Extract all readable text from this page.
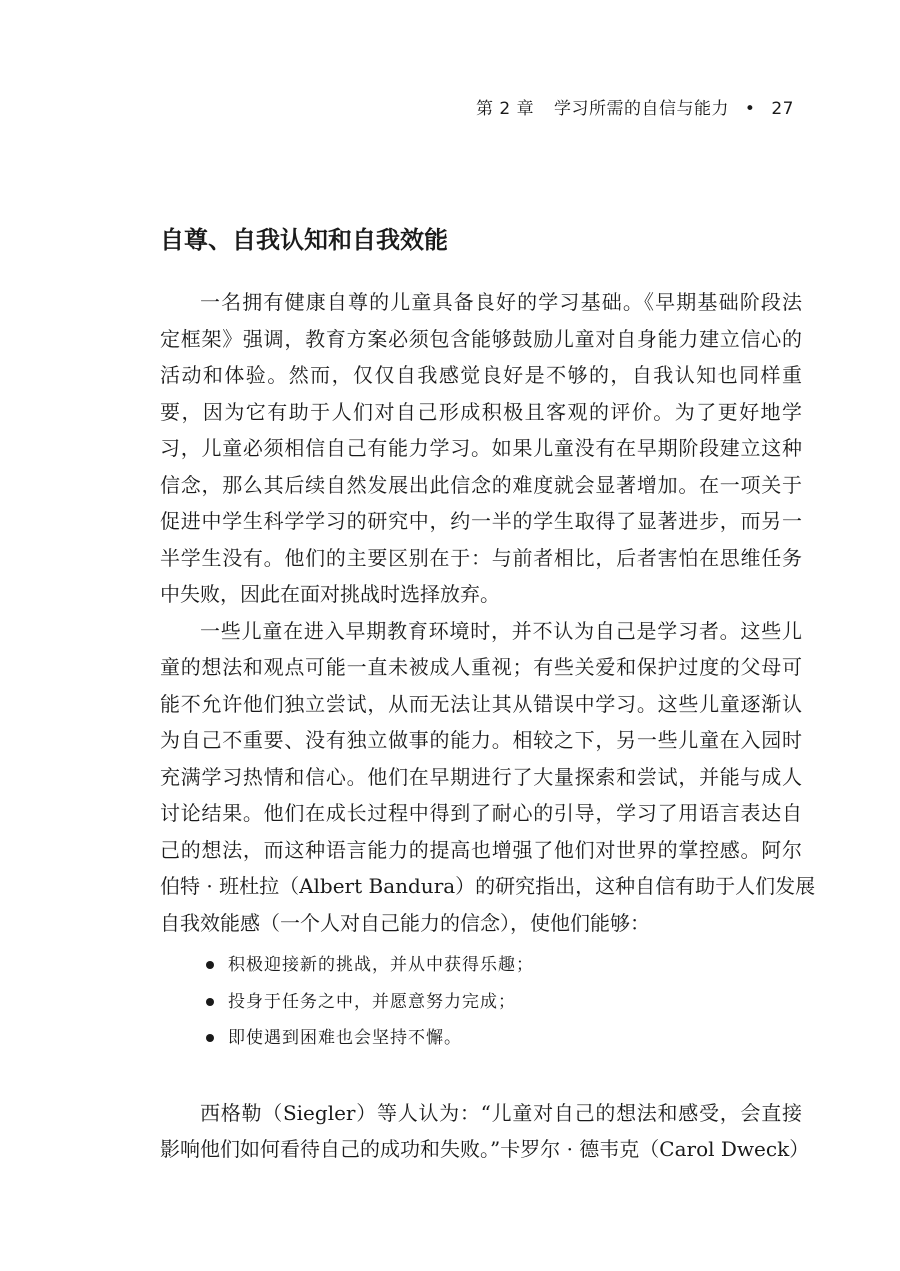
第 2 章 学习所需的自信与能力 • 27
自尊、自我认知和自我效能

一名拥有健康自尊的儿童具备良好的学习基础。《早期基础阶段法
定框架》强调，教育方案必须包含能够鼓励儿童对自身能力建立信心的
活动和体验。然而，仅仅自我感觉良好是不够的，自我认知也同样重
要，因为它有助于人们对自己形成积极且客观的评价。为了更好地学
习，儿童必须相信自己有能力学习。如果儿童没有在早期阶段建立这种
信念，那么其后续自然发展出此信念的难度就会显著增加。在一项关于
促进中学生科学学习的研究中，约一半的学生取得了显著进步，而另一
半学生没有。他们的主要区别在于：与前者相比，后者害怕在思维任务
中失败，因此在面对挑战时选择放弃。

一些儿童在进入早期教育环境时，并不认为自己是学习者。这些儿
童的想法和观点可能一直未被成人重视；有些关爱和保护过度的父母可
能不允许他们独立尝试，从而无法让其从错误中学习。这些儿童逐渐认
为自己不重要、没有独立做事的能力。相较之下，另一些儿童在入园时
充满学习热情和信心。他们在早期进行了大量探索和尝试，并能与成人
讨论结果。他们在成长过程中得到了耐心的引导，学习了用语言表达自
己的想法，而这种语言能力的提高也增强了他们对世界的掌控感。阿尔
伯特 · 班杜拉（Albert Bandura）的研究指出，这种自信有助于人们发展
自我效能感（一个人对自己能力的信念），使他们能够：

积极迎接新的挑战，并从中获得乐趣；
投身于任务之中，并愿意努力完成；
即使遇到困难也会坚持不懈。

西格勒（Siegler）等人认为：“儿童对自己的想法和感受，会直接
影响他们如何看待自己的成功和失败。”卡罗尔 · 德韦克（Carol Dweck）
